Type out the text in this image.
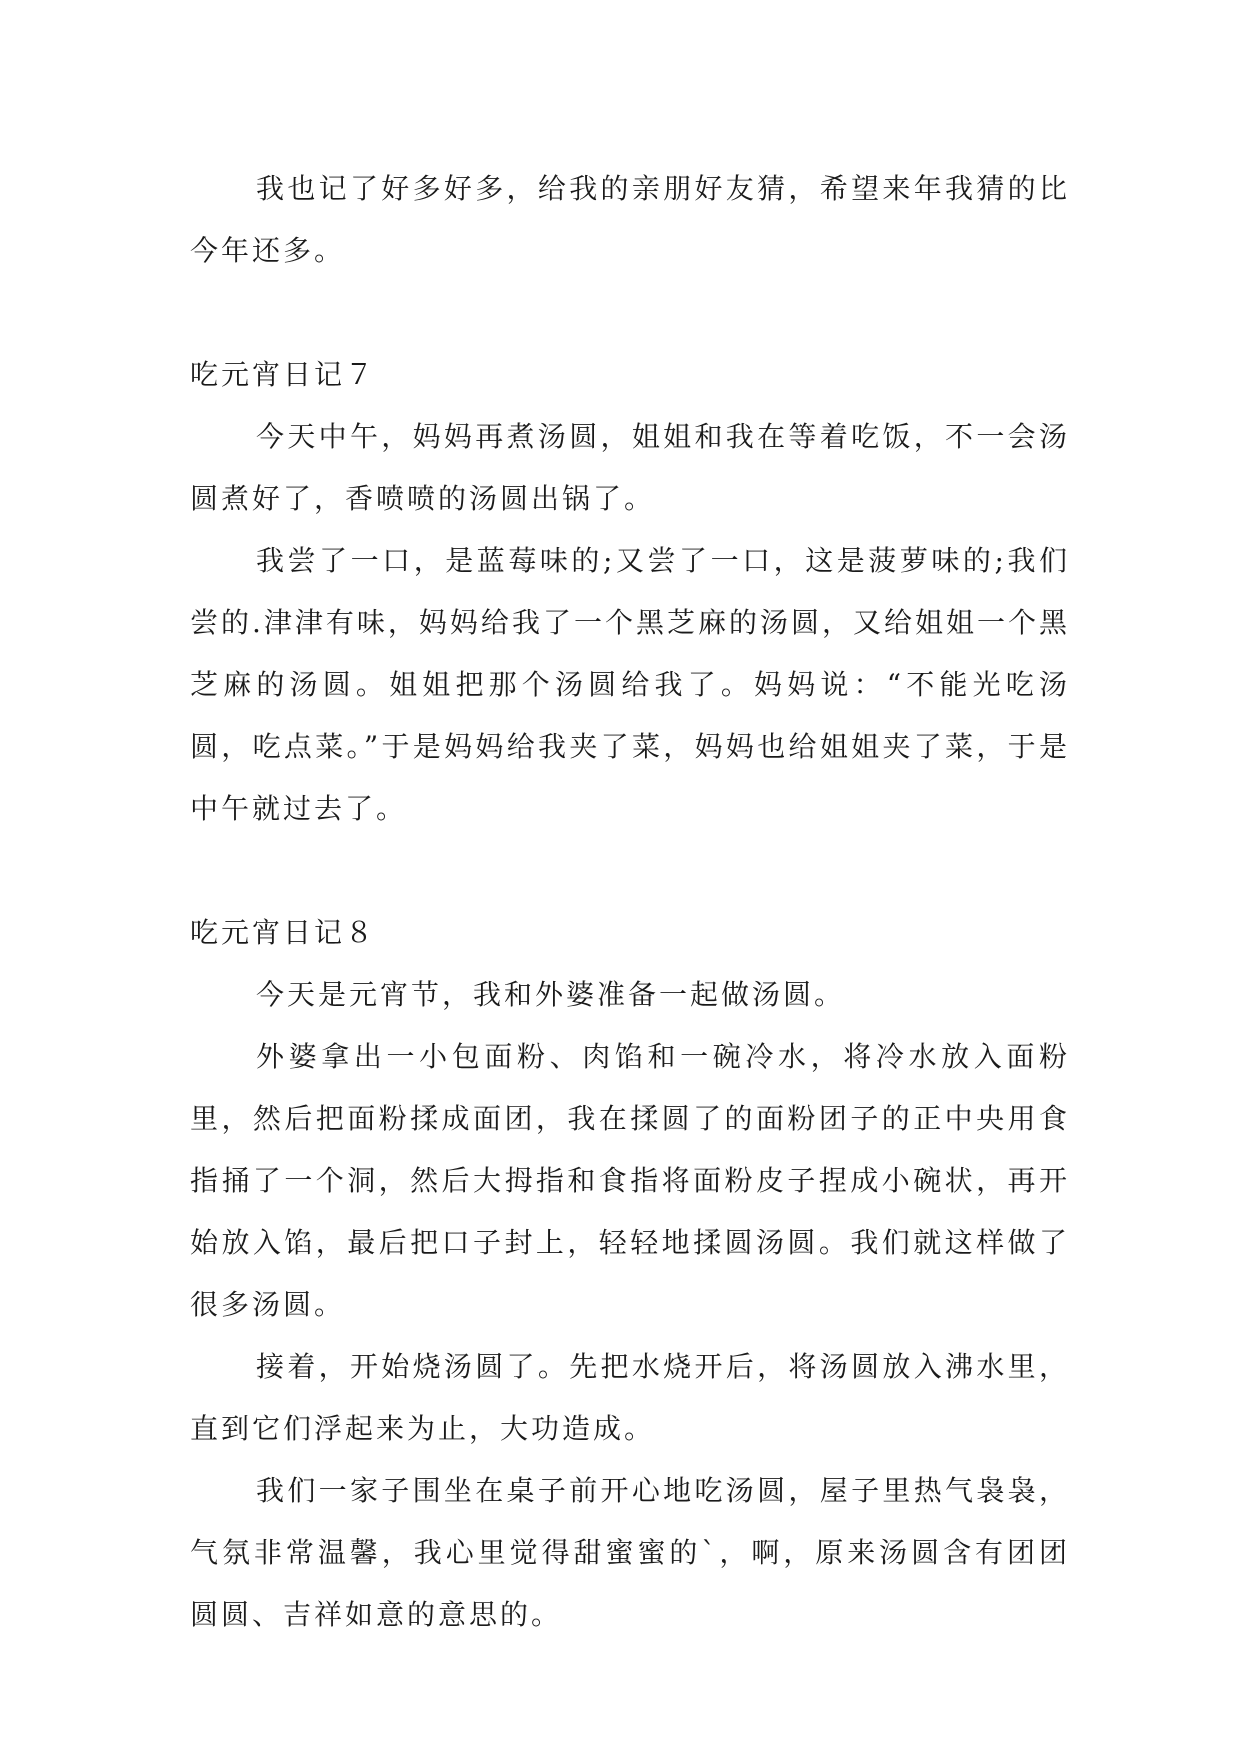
我也记了好多好多，给我的亲朋好友猜，希望来年我猜的比今年还多。

吃元宵日记７

今天中午，妈妈再煮汤圆，姐姐和我在等着吃饭，不一会汤圆煮好了，香喷喷的汤圆出锅了。

我尝了一口，是蓝莓味的;又尝了一口，这是菠萝味的;我们尝的.津津有味，妈妈给我了一个黑芝麻的汤圆，又给姐姐一个黑芝麻的汤圆。姐姐把那个汤圆给我了。妈妈说：“不能光吃汤圆，吃点菜。”于是妈妈给我夹了菜，妈妈也给姐姐夹了菜，于是中午就过去了。

吃元宵日记８

今天是元宵节，我和外婆准备一起做汤圆。

外婆拿出一小包面粉、肉馅和一碗冷水，将冷水放入面粉里，然后把面粉揉成面团，我在揉圆了的面粉团子的正中央用食指捅了一个洞，然后大拇指和食指将面粉皮子捏成小碗状，再开始放入馅，最后把口子封上，轻轻地揉圆汤圆。我们就这样做了很多汤圆。

接着，开始烧汤圆了。先把水烧开后，将汤圆放入沸水里，直到它们浮起来为止，大功造成。

我们一家子围坐在桌子前开心地吃汤圆，屋子里热气袅袅，气氛非常温馨，我心里觉得甜蜜蜜的`，啊，原来汤圆含有团团圆圆、吉祥如意的意思的。
